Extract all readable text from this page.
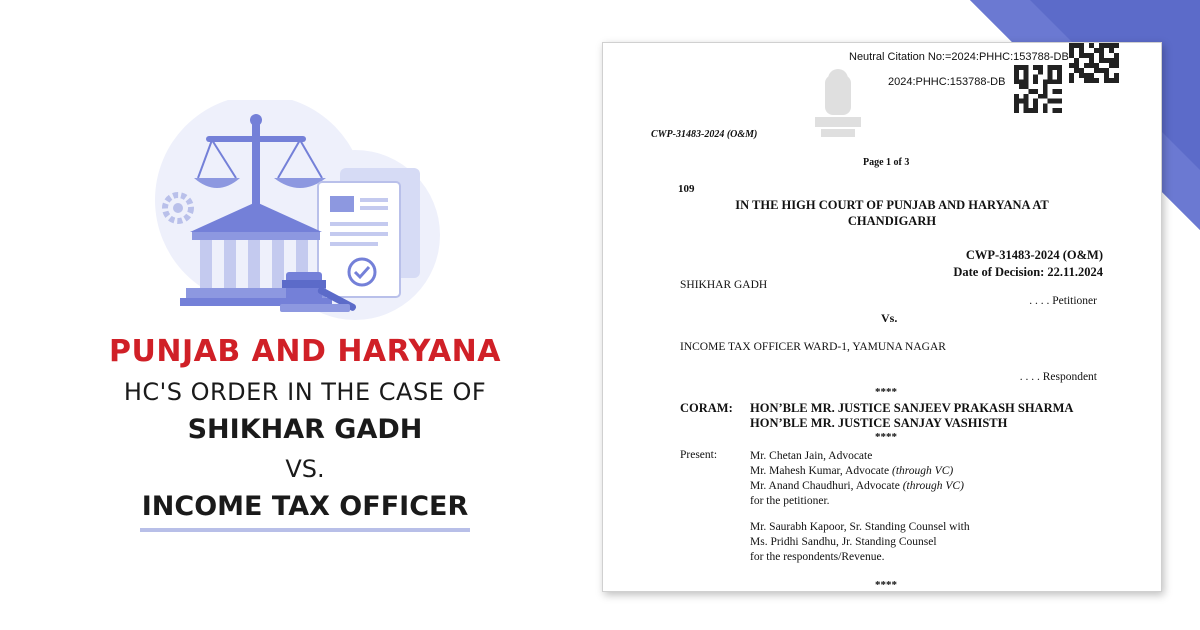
PUNJAB AND HARYANA
HC'S ORDER IN THE CASE OF
SHIKHAR GADH
VS.
INCOME TAX OFFICER
Neutral Citation No:=2024:PHHC:153788-DB
2024:PHHC:153788-DB
CWP-31483-2024 (O&M)
Page 1 of 3
109
IN THE HIGH COURT OF PUNJAB AND HARYANA AT
CHANDIGARH
CWP-31483-2024 (O&M)
Date of Decision: 22.11.2024
SHIKHAR GADH
. . . . Petitioner
Vs.
INCOME TAX OFFICER WARD-1, YAMUNA NAGAR
. . . . Respondent
****
CORAM: HON’BLE MR. JUSTICE SANJEEV PRAKASH SHARMA
HON’BLE MR. JUSTICE SANJAY VASHISTH
****
Present:	Mr. Chetan Jain, Advocate
Mr. Mahesh Kumar, Advocate (through VC)
Mr. Anand Chaudhuri, Advocate (through VC)
for the petitioner.
Mr. Saurabh Kapoor, Sr. Standing Counsel with
Ms. Pridhi Sandhu, Jr. Standing Counsel
for the respondents/Revenue.
****
